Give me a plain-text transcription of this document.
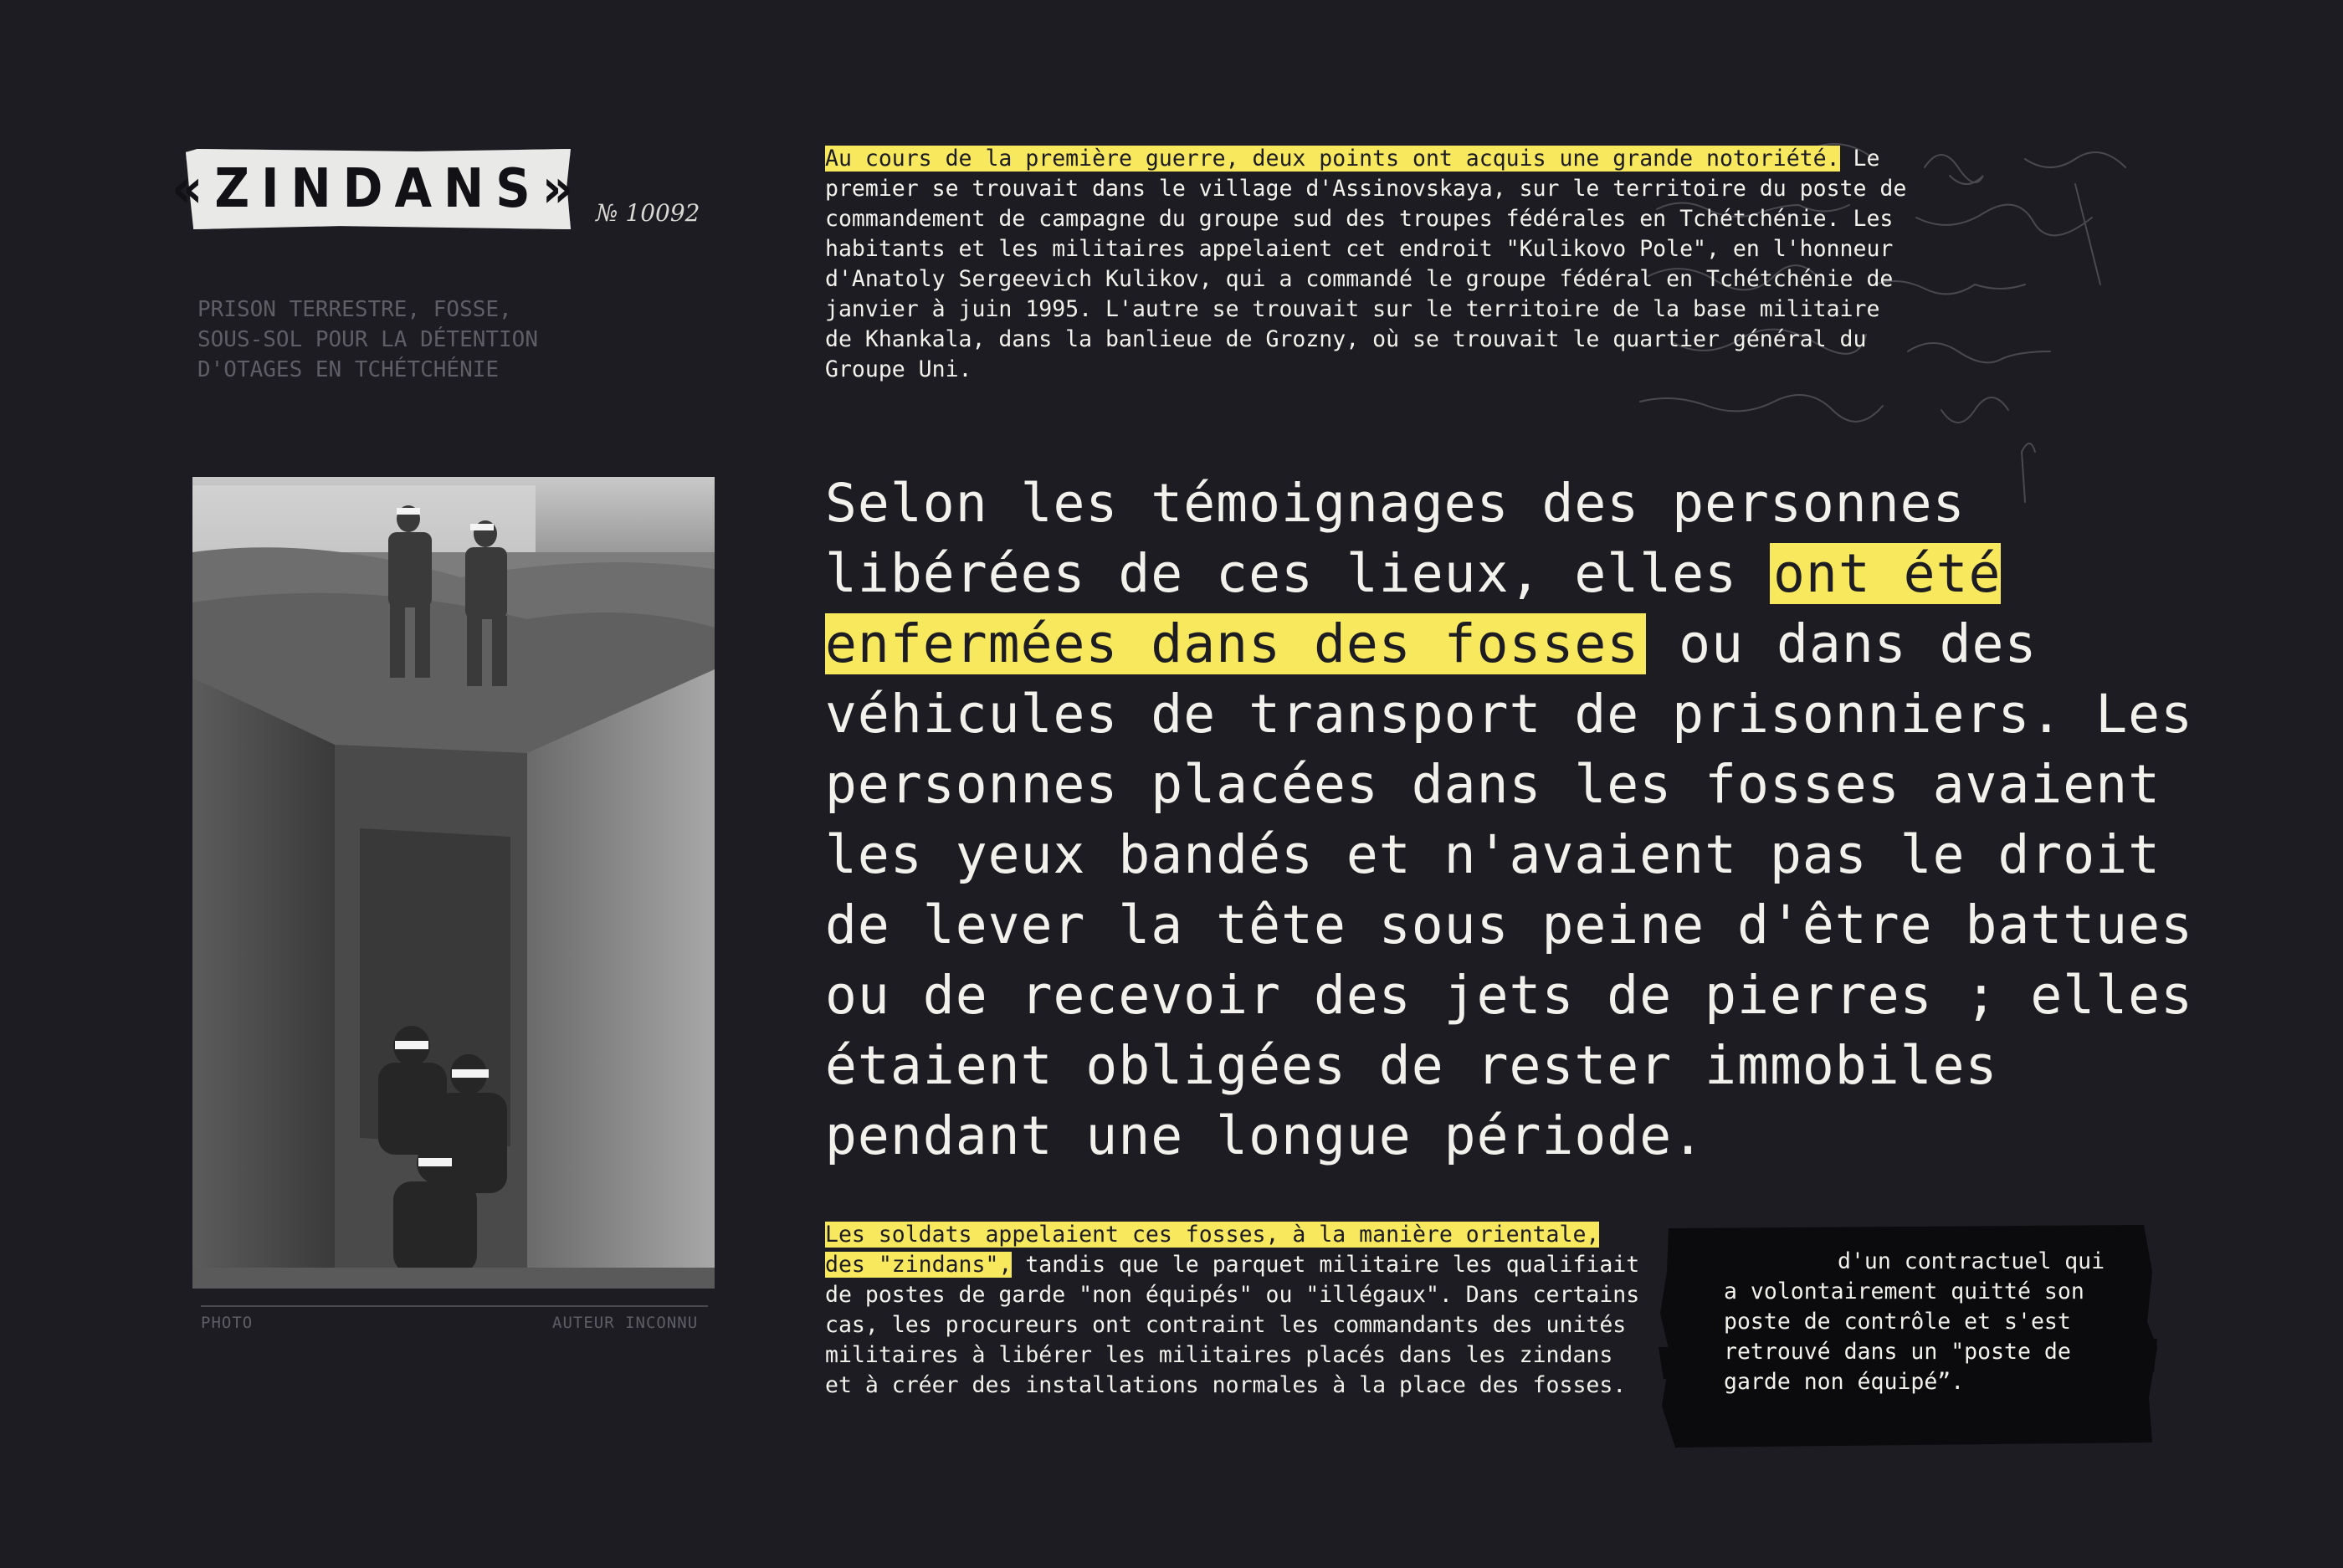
«ZINDANS» № 10092
PRISON TERRESTRE, FOSSE, SOUS-SOL POUR LA DÉTENTION D'OTAGES EN TCHÉTCHÉNIE
PHOTO	AUTEUR INCONNU
Au cours de la première guerre, deux points ont acquis une grande notoriété. Le premier se trouvait dans le village d'Assinovskaya, sur le territoire du poste de commandement de campagne du groupe sud des troupes fédérales en Tchétchénie. Les habitants et les militaires appelaient cet endroit "Kulikovo Pole", en l'honneur d'Anatoly Sergeevich Kulikov, qui a commandé le groupe fédéral en Tchétchénie de janvier à juin 1995. L'autre se trouvait sur le territoire de la base militaire de Khankala, dans la banlieue de Grozny, où se trouvait le quartier général du Groupe Uni.
Selon les témoignages des personnes libérées de ces lieux, elles ont été enfermées dans des fosses ou dans des véhicules de transport de prisonniers. Les personnes placées dans les fosses avaient les yeux bandés et n'avaient pas le droit de lever la tête sous peine d'être battues ou de recevoir des jets de pierres ; elles étaient obligées de rester immobiles pendant une longue période.
Les soldats appelaient ces fosses, à la manière orientale, des "zindans", tandis que le parquet militaire les qualifiait de postes de garde "non équipés" ou "illégaux". Dans certains cas, les procureurs ont contraint les commandants des unités militaires à libérer les militaires placés dans les zindans et à créer des installations normales à la place des fosses.
d'un contractuel qui a volontairement quitté son poste de contrôle et s'est retrouvé dans un "poste de garde non équipé”.
